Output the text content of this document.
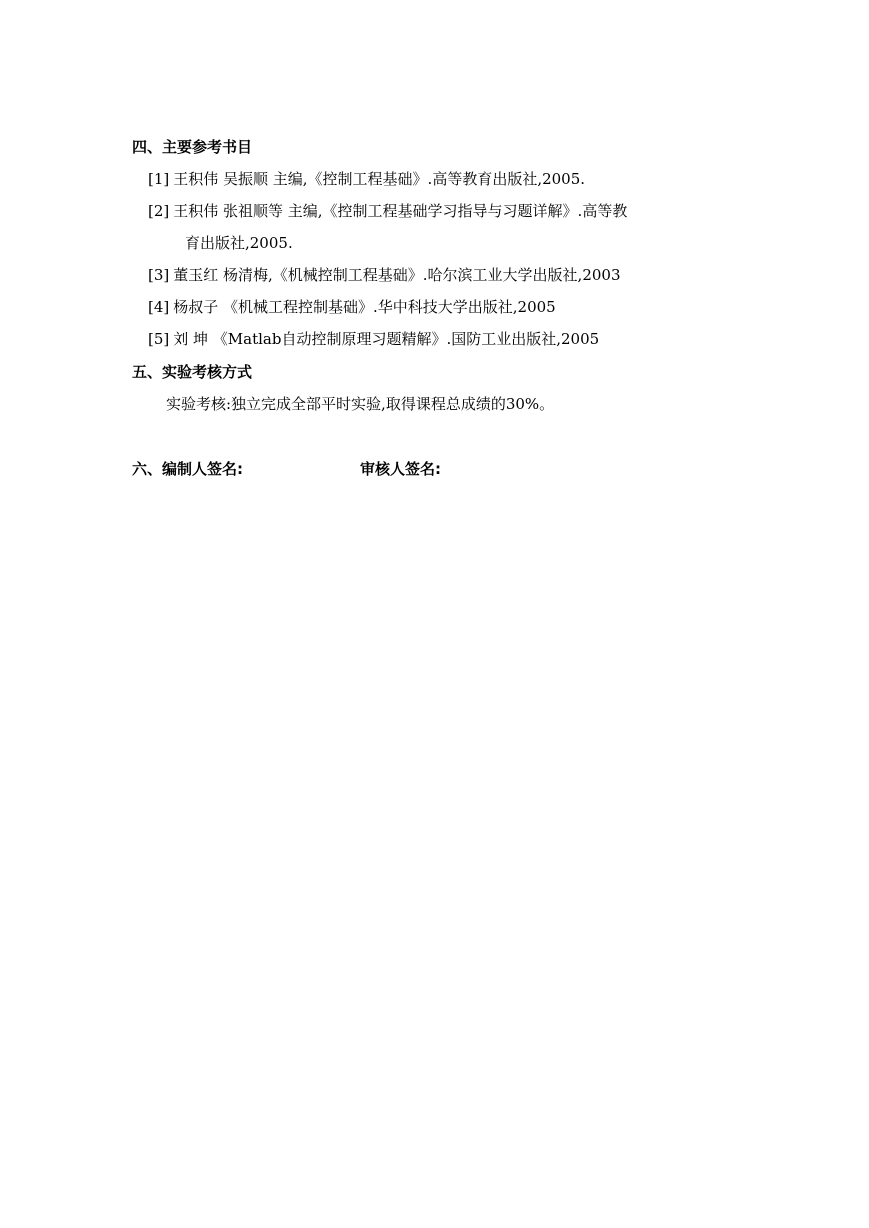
四、主要参考书目
[1] 王积伟 吴振顺 主编,《控制工程基础》.高等教育出版社,2005.
[2] 王积伟 张祖顺等 主编,《控制工程基础学习指导与习题详解》.高等教
育出版社,2005.
[3] 董玉红 杨清梅,《机械控制工程基础》.哈尔滨工业大学出版社,2003
[4] 杨叔子 《机械工程控制基础》.华中科技大学出版社,2005
[5] 刘 坤 《Matlab自动控制原理习题精解》.国防工业出版社,2005
五、实验考核方式
实验考核:独立完成全部平时实验,取得课程总成绩的30%。
六、编制人签名:	审核人签名:
